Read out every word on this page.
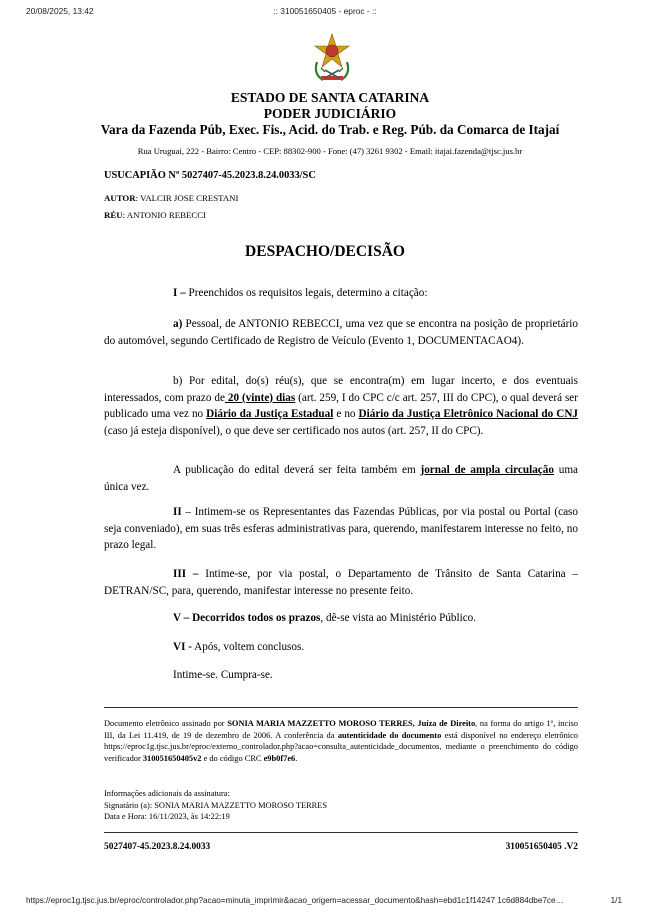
20/08/2025, 13:42	:: 310051650405 - eproc - ::
ESTADO DE SANTA CATARINA
PODER JUDICIÁRIO
Vara da Fazenda Púb, Exec. Fis., Acid. do Trab. e Reg. Púb. da Comarca de Itajaí
Rua Uruguai, 222 - Bairro: Centro - CEP: 88302-900 - Fone: (47) 3261 9302 - Email: itajai.fazenda@tjsc.jus.br
USUCAPIÃO Nº 5027407-45.2023.8.24.0033/SC
AUTOR: VALCIR JOSE CRESTANI
RÉU: ANTONIO REBECCI
DESPACHO/DECISÃO
I – Preenchidos os requisitos legais, determino a citação:
a) Pessoal, de ANTONIO REBECCI, uma vez que se encontra na posição de proprietário do automóvel, segundo Certificado de Registro de Veículo (Evento 1, DOCUMENTACAO4).
b) Por edital, do(s) réu(s), que se encontra(m) em lugar incerto, e dos eventuais interessados, com prazo de 20 (vinte) dias (art. 259, I do CPC c/c art. 257, III do CPC), o qual deverá ser publicado uma vez no Diário da Justiça Estadual e no Diário da Justiça Eletrônico Nacional do CNJ (caso já esteja disponível), o que deve ser certificado nos autos (art. 257, II do CPC).
A publicação do edital deverá ser feita também em jornal de ampla circulação uma única vez.
II – Intimem-se os Representantes das Fazendas Públicas, por via postal ou Portal (caso seja conveniado), em suas três esferas administrativas para, querendo, manifestarem interesse no feito, no prazo legal.
III – Intime-se, por via postal, o Departamento de Trânsito de Santa Catarina – DETRAN/SC, para, querendo, manifestar interesse no presente feito.
V – Decorridos todos os prazos, dê-se vista ao Ministério Público.
VI - Após, voltem conclusos.
Intime-se. Cumpra-se.
Documento eletrônico assinado por SONIA MARIA MAZZETTO MOROSO TERRES, Juíza de Direito, na forma do artigo 1º, inciso III, da Lei 11.419, de 19 de dezembro de 2006. A conferência da autenticidade do documento está disponível no endereço eletrônico https://eproc1g.tjsc.jus.br/eproc/externo_controlador.php?acao=consulta_autenticidade_documentos, mediante o preenchimento do código verificador 310051650405v2 e do código CRC e9b0f7e6.
Informações adicionais da assinatura:
Signatário (a): SONIA MARIA MAZZETTO MOROSO TERRES
Data e Hora: 16/11/2023, às 14:22:19
5027407-45.2023.8.24.0033	310051650405 .V2
https://eproc1g.tjsc.jus.br/eproc/controlador.php?acao=minuta_imprimir&acao_origem=acessar_documento&hash=ebd1c1f14247 1c6d884dbe7ce…	1/1
